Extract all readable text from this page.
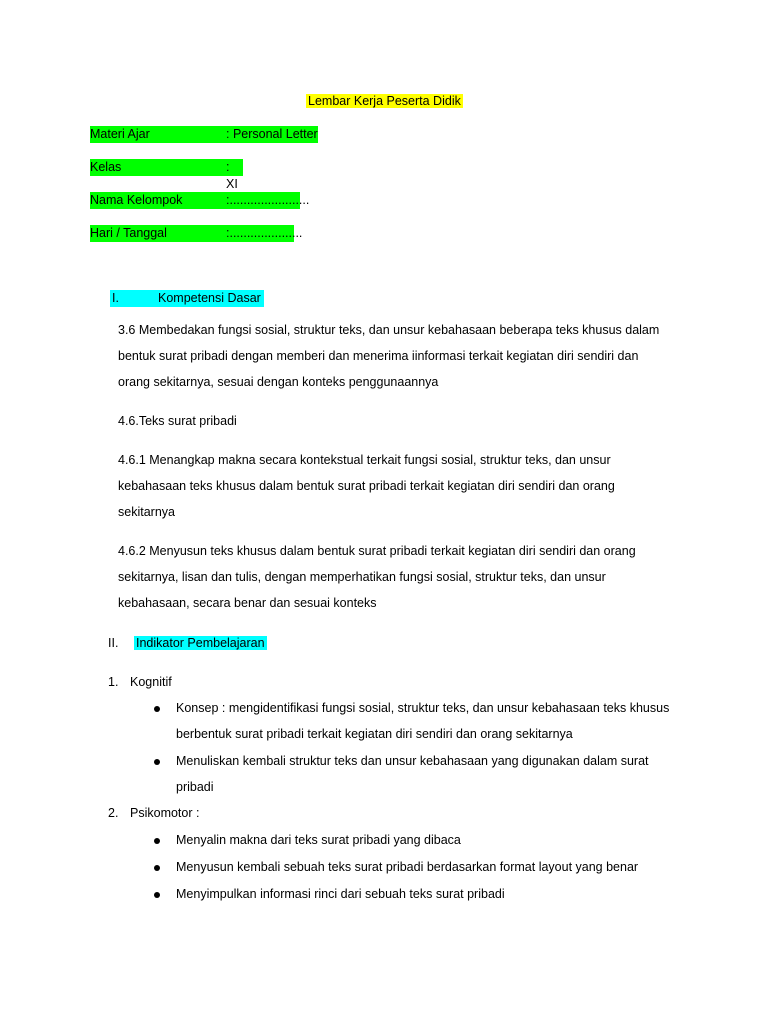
Lembar Kerja Peserta Didik
Materi Ajar	: Personal Letter
Kelas	: XI
Nama Kelompok	:.......................
Hari / Tanggal	:.....................
I.	Kompetensi Dasar
3.6 Membedakan fungsi sosial, struktur teks, dan unsur kebahasaan beberapa teks khusus dalam
bentuk surat pribadi dengan memberi dan menerima iinformasi terkait kegiatan diri sendiri dan
orang sekitarnya, sesuai dengan konteks penggunaannya
4.6.Teks surat pribadi
4.6.1 Menangkap makna secara kontekstual terkait fungsi sosial, struktur teks, dan unsur
kebahasaan teks khusus dalam bentuk surat pribadi terkait kegiatan diri sendiri dan orang
sekitarnya
4.6.2 Menyusun teks khusus dalam bentuk surat pribadi terkait kegiatan diri sendiri dan orang
sekitarnya, lisan dan tulis, dengan memperhatikan fungsi sosial, struktur teks, dan unsur
kebahasaan, secara benar dan sesuai konteks
II. Indikator Pembelajaran
1. Kognitif
Konsep : mengidentifikasi fungsi sosial, struktur teks, dan unsur kebahasaan teks khusus
berbentuk surat pribadi terkait kegiatan diri sendiri dan orang sekitarnya
Menuliskan kembali struktur teks dan unsur kebahasaan yang digunakan dalam surat
pribadi
2. Psikomotor :
Menyalin makna dari teks surat pribadi yang dibaca
Menyusun kembali sebuah teks surat pribadi berdasarkan format layout yang benar
Menyimpulkan informasi rinci dari sebuah teks surat pribadi
